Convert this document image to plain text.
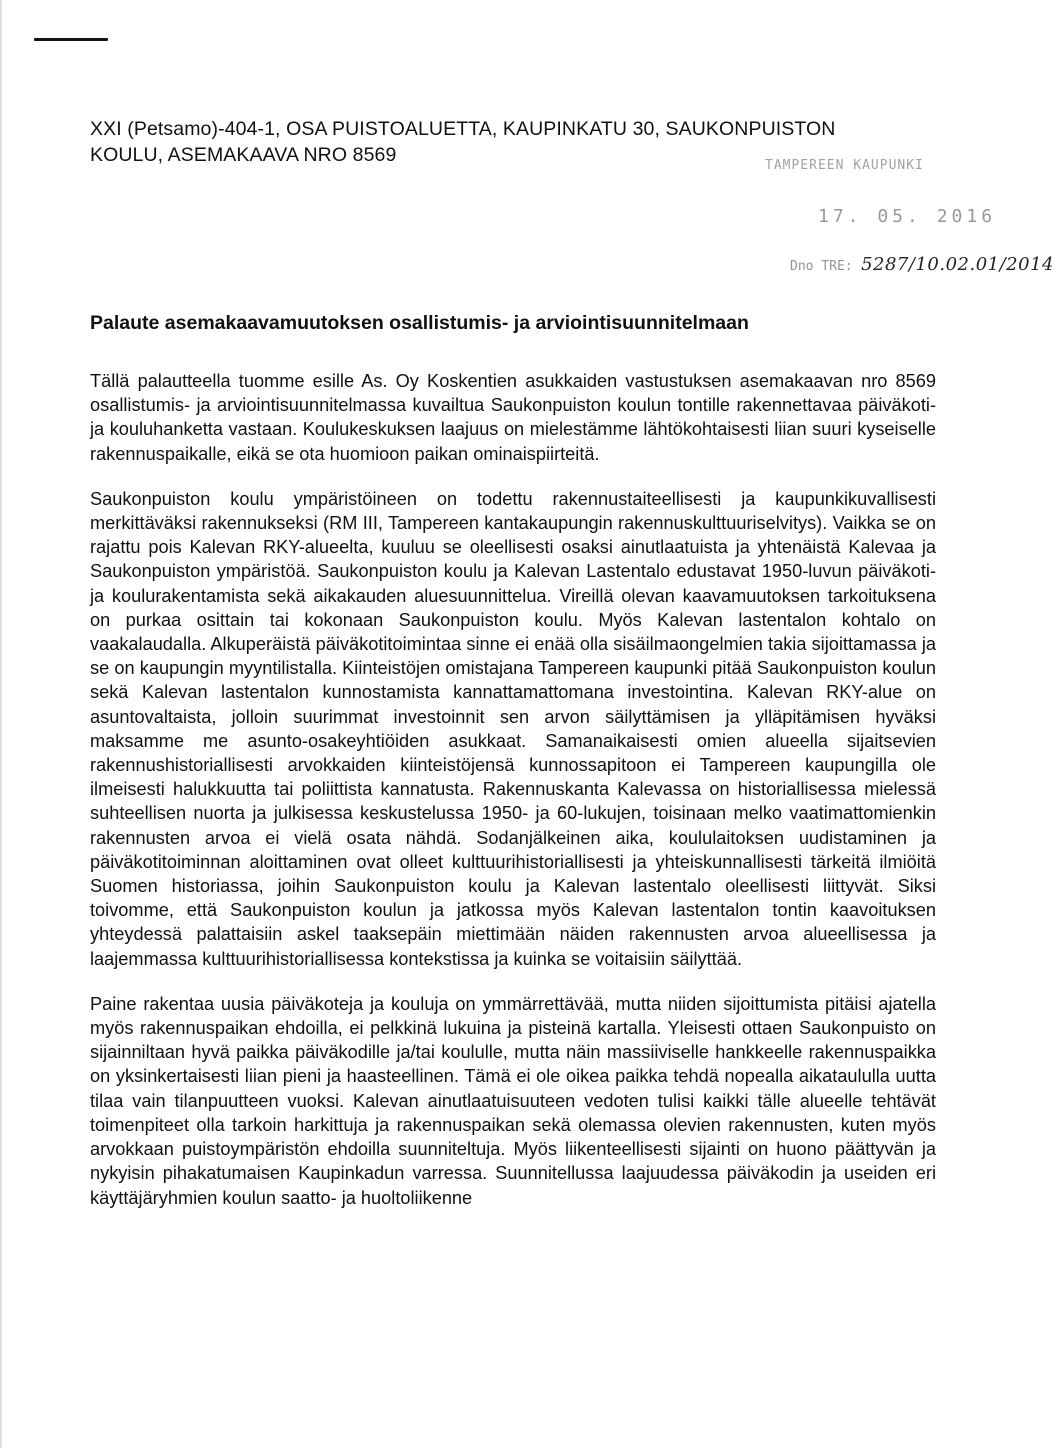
XXI (Petsamo)-404-1, OSA PUISTOALUETTA, KAUPINKATU 30, SAUKONPUISTON
KOULU, ASEMAKAAVA NRO 8569	TAMPEREEN KAUPUNKI
17. 05. 2016
Dno TRE: 5287/10.02.01/2014
Palaute asemakaavamuutoksen osallistumis- ja arviointisuunnitelmaan

Tällä palautteella tuomme esille As. Oy Koskentien asukkaiden vastustuksen asemakaavan nro 8569 osallistumis- ja arviointisuunnitelmassa kuvailtua Saukonpuiston koulun tontille rakennettavaa päiväkoti- ja kouluhanketta vastaan. Koulukeskuksen laajuus on mielestämme lähtökohtaisesti liian suuri kyseiselle rakennuspaikalle, eikä se ota huomioon paikan ominaispiirteitä.

Saukonpuiston koulu ympäristöineen on todettu rakennustaiteellisesti ja kaupunkikuvallisesti merkittäväksi rakennukseksi (RM III, Tampereen kantakaupungin rakennuskulttuuriselvitys). Vaikka se on rajattu pois Kalevan RKY-alueelta, kuuluu se oleellisesti osaksi ainutlaatuista ja yhtenäistä Kalevaa ja Saukonpuiston ympäristöä. Saukonpuiston koulu ja Kalevan Lastentalo edustavat 1950-luvun päiväkoti- ja koulurakentamista sekä aikakauden aluesuunnittelua. Vireillä olevan kaavamuutoksen tarkoituksena on purkaa osittain tai kokonaan Saukonpuiston koulu. Myös Kalevan lastentalon kohtalo on vaakalaudalla. Alkuperäistä päiväkotitoimintaa sinne ei enää olla sisäilmaongelmien takia sijoittamassa ja se on kaupungin myyntilistalla. Kiinteistöjen omistajana Tampereen kaupunki pitää Saukonpuiston koulun sekä Kalevan lastentalon kunnostamista kannattamattomana investointina. Kalevan RKY-alue on asuntovaltaista, jolloin suurimmat investoinnit sen arvon säilyttämisen ja ylläpitämisen hyväksi maksamme me asunto-osakeyhtiöiden asukkaat. Samanaikaisesti omien alueella sijaitsevien rakennushistoriallisesti arvokkaiden kiinteistöjensä kunnossapitoon ei Tampereen kaupungilla ole ilmeisesti halukkuutta tai poliittista kannatusta. Rakennuskanta Kalevassa on historiallisessa mielessä suhteellisen nuorta ja julkisessa keskustelussa 1950- ja 60-lukujen, toisinaan melko vaatimattomienkin rakennusten arvoa ei vielä osata nähdä. Sodanjälkeinen aika, koululaitoksen uudistaminen ja päiväkotitoiminnan aloittaminen ovat olleet kulttuurihistoriallisesti ja yhteiskunnallisesti tärkeitä ilmiöitä Suomen historiassa, joihin Saukonpuiston koulu ja Kalevan lastentalo oleellisesti liittyvät. Siksi toivomme, että Saukonpuiston koulun ja jatkossa myös Kalevan lastentalon tontin kaavoituksen yhteydessä palattaisiin askel taaksepäin miettimään näiden rakennusten arvoa alueellisessa ja laajemmassa kulttuurihistoriallisessa kontekstissa ja kuinka se voitaisiin säilyttää.

Paine rakentaa uusia päiväkoteja ja kouluja on ymmärrettävää, mutta niiden sijoittumista pitäisi ajatella myös rakennuspaikan ehdoilla, ei pelkkinä lukuina ja pisteinä kartalla. Yleisesti ottaen Saukonpuisto on sijainniltaan hyvä paikka päiväkodille ja/tai koululle, mutta näin massiiviselle hankkeelle rakennuspaikka on yksinkertaisesti liian pieni ja haasteellinen. Tämä ei ole oikea paikka tehdä nopealla aikataululla uutta tilaa vain tilanpuutteen vuoksi. Kalevan ainutlaatuisuuteen vedoten tulisi kaikki tälle alueelle tehtävät toimenpiteet olla tarkoin harkittuja ja rakennuspaikan sekä olemassa olevien rakennusten, kuten myös arvokkaan puistoympäristön ehdoilla suunniteltuja. Myös liikenteellisesti sijainti on huono päättyvän ja nykyisin pihakatumaisen Kaupinkadun varressa. Suunnitellussa laajuudessa päiväkodin ja useiden eri käyttäjäryhmien koulun saatto- ja huoltoliikenne
